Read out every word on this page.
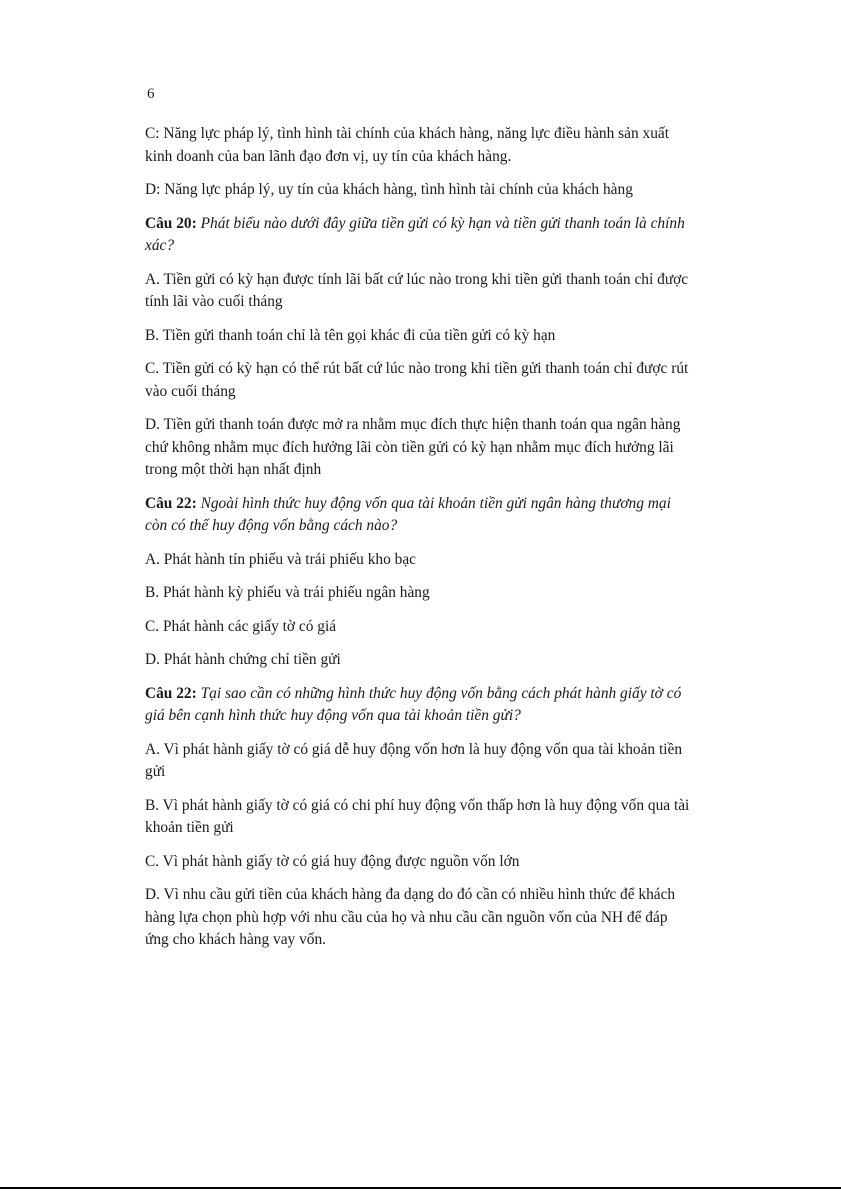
6

C: Năng lực pháp lý, tình hình tài chính của khách hàng, năng lực điều hành sản xuất kinh doanh của ban lãnh đạo đơn vị, uy tín của khách hàng.

D: Năng lực pháp lý, uy tín của khách hàng, tình hình tài chính của khách hàng

Câu 20: Phát biểu nào dưới đây giữa tiền gửi có kỳ hạn và tiền gửi thanh toán là chính xác?

A. Tiền gửi có kỳ hạn được tính lãi bất cứ lúc nào trong khi tiền gửi thanh toán chỉ được tính lãi vào cuối tháng

B. Tiền gửi thanh toán chỉ là tên gọi khác đi của tiền gửi có kỳ hạn

C. Tiền gửi có kỳ hạn có thể rút bất cứ lúc nào trong khi tiền gửi thanh toán chỉ được rút vào cuối tháng

D. Tiền gửi thanh toán được mở ra nhằm mục đích thực hiện thanh toán qua ngân hàng chứ không nhằm mục đích hưởng lãi còn tiền gửi có kỳ hạn nhằm mục đích hưởng lãi trong một thời hạn nhất định

Câu 22: Ngoài hình thức huy động vốn qua tài khoản tiền gửi ngân hàng thương mại còn có thể huy động vốn bằng cách nào?

A. Phát hành tín phiếu và trái phiếu kho bạc

B. Phát hành kỳ phiếu và trái phiếu ngân hàng

C. Phát hành các giấy tờ có giá

D. Phát hành chứng chỉ tiền gửi

Câu 22: Tại sao cần có những hình thức huy động vốn bằng cách phát hành giấy tờ có giá bên cạnh hình thức huy động vốn qua tài khoản tiền gửi?

A. Vì phát hành giấy tờ có giá dễ huy động vốn hơn là huy động vốn qua tài khoản tiền gửi

B. Vì phát hành giấy tờ có giá có chi phí huy động vốn thấp hơn là huy động vốn qua tài khoản tiền gửi

C. Vì phát hành giấy tờ có giá huy động được nguồn vốn lớn

D. Vì nhu cầu gửi tiền của khách hàng đa dạng do đó cần có nhiều hình thức để khách hàng lựa chọn phù hợp với nhu cầu của họ và nhu cầu cần nguồn vốn của NH để đáp ứng cho khách hàng vay vốn.
